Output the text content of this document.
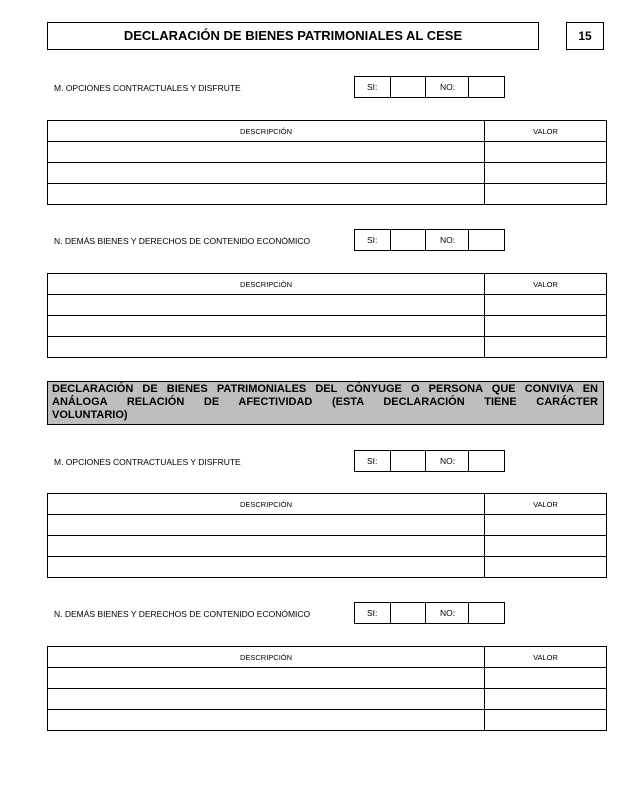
DECLARACIÓN DE BIENES PATRIMONIALES AL CESE	15
M. OPCIONES CONTRACTUALES Y DISFRUTE	SI:	NO:
DESCRIPCIÓN	VALOR

N. DEMÁS BIENES Y DERECHOS DE CONTENIDO ECONÓMICO	SI:	NO:
DESCRIPCIÓN	VALOR

DECLARACIÓN DE BIENES PATRIMONIALES DEL CÓNYUGE O PERSONA QUE CONVIVA EN
ANÁLOGA RELACIÓN DE AFECTIVIDAD (ESTA DECLARACIÓN TIENE CARÁCTER
VOLUNTARIO)
M. OPCIONES CONTRACTUALES Y DISFRUTE	SI:	NO:
DESCRIPCIÓN	VALOR

N. DEMÁS BIENES Y DERECHOS DE CONTENIDO ECONÓMICO	SI:	NO:
DESCRIPCIÓN	VALOR
